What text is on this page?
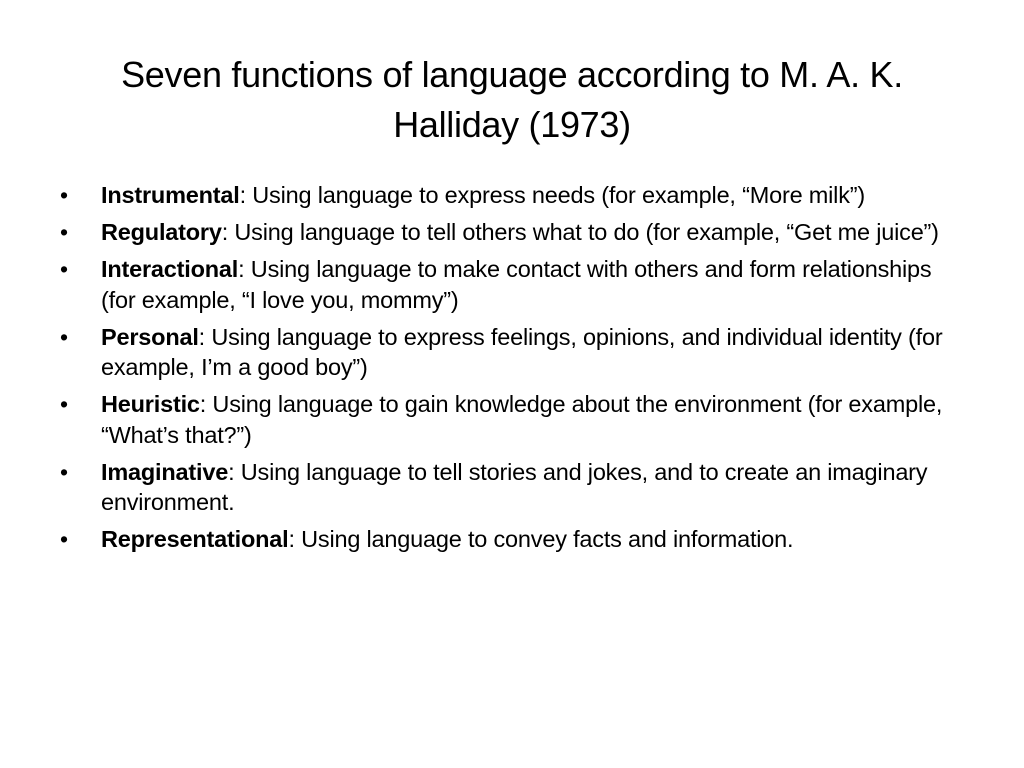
Seven functions of language according to M. A. K.
Halliday (1973)
•	Instrumental: Using language to express needs (for example, “More milk”)
•	Regulatory: Using language to tell others what to do (for example, “Get me juice”)
•	Interactional: Using language to make contact with others and form relationships (for example, “I love you, mommy”)
•	Personal: Using language to express feelings, opinions, and individual identity (for example, I’m a good boy”)
•	Heuristic: Using language to gain knowledge about the environment (for example, “What’s that?”)
•	Imaginative: Using language to tell stories and jokes, and to create an imaginary environment.
•	Representational: Using language to convey facts and information.
